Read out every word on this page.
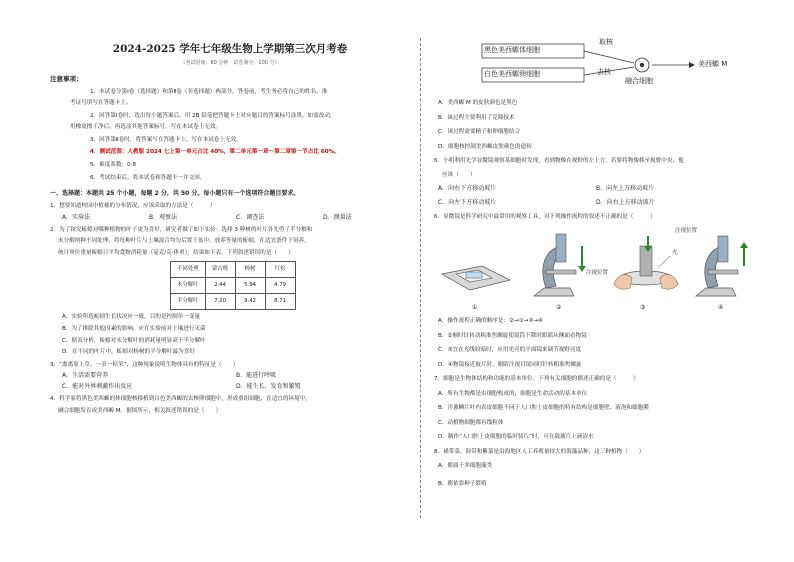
2024-2025 学年七年级生物上学期第三次月考卷
（考试时间：60 分钟　试卷满分：100 分）
注意事项：
1．本试卷分第Ⅰ卷（选择题）和第Ⅱ卷（非选择题）两部分。答卷前，考生务必将自己的姓名、准
考证号填写在答题卡上。
2．回答第Ⅰ卷时，选出每小题答案后，用 2B 铅笔把答题卡上对应题目的答案标号涂黑。如需改动，
用橡皮擦干净后，再选涂其他答案标号。写在本试卷上无效。
3．回答第Ⅱ卷时，将答案写在答题卡上。写在本试卷上无效。
4．测试范围：人教版 2024 七上第一单元占比 40%，第二单元第一章～第二章第一节占比 60%。
5．难度系数：0.8
6．考试结束后，将本试卷和答题卡一并交回。
一、选择题：本题共 25 个小题，每题 2 分，共 50 分。每小题只有一个选项符合题目要求。
1．想要知道校园中植被的分布情况，应该采取的方法是（　　　）
A．实验法	B．观察法	C．调查法	D．测量法
2．为了探究蚯蚓对哪种植物的叶子更为喜好，研究者做了如下实验：选择 3 种树的叶片各先剪了半分解和
未分解两种不同处理，将每种叶片与土壤混合均匀后置于盆中，放养等量的蚯蚓，在适宜条件下饲养，
统计单位重量蚯蚓日平均食物消耗量（毫克/克·体重），结果如下表。下列叙述错误的是（　　）
不同处理	蒙古栎	杨树	红松
未分解叶	2.44	5.94	4.79
半分解叶	7.20	9.42	8.71
A．实验所选蚯蚓生长状况应一致，目的是控制单一变量
B．为了排除其他因素的影响，应在实验前对土壤进行灭菌
C．据表分析，蚯蚓对未分解叶的消耗量明显高于半分解叶
D．在不同的叶片中，蚯蚓对杨树的半分解叶最为喜好
3．“离离原上草，一岁一枯荣”，这种现象说明生物体具有的特征是（　　）
A．生活需要营养	B．能进行呼吸
C．能对外界刺激作出反应	D．能生长、发育和繁殖
4．科学家将黑色美西螈的体细胞核移植到白色美西螈的去核卵细胞中，形成重组细胞，在适宜的环境中，
融合细胞发育成美西螈 M。据图所示，相关叙述错误的是（　　）
黑色美西螈体细胞
白色美西螈卵细胞
取核
去核
融合细胞
美西螈 M
A．美西螈 M 的皮肤颜色是黑色
B．该过程主要利用了克隆技术
C．该过程需要精子和卵细胞结合
D．细胞核控制美西螈皮肤颜色的遗传
5．小明利用光学显微镜观察某细胞时发现，看到物像在视野的左上方。若要将物像移至视野中央，他
应该（　　）
A．向右下方移动玻片	B．向左上方移动玻片
C．向左下方移动玻片	D．向右上方移动玻片
6．显微镜是科学研究中最常用的观察工具，对下列操作流程的叙述不正确的是（　　　）
注视位置
注视位置
光
①	②	③	④
A．操作流程正确的顺序是：②→①→③→④
B．②顺时针转动粗准焦螺旋使镜筒下降时眼睛从侧面看物镜
C．③宜在光线较暗时，应用光亮的平面镜来调节视野亮度
D．④物镜接近玻片时，眼睛注视目镜同时针转粗准焦螺旋
7．细胞是生物体结构和功能的基本单位。下列有关细胞的描述正确的是（　　　）
A．所有生物都是由细胞构成的，细胞是生命活动的基本单位
B．洋葱鳞片叶内表皮细胞不同于人口腔上皮细胞的特有结构是细胞壁、液泡和细胞膜
C．动植物细胞都有线粒体
D．制作“人口腔上皮细胞的临时装片”时，可在载玻片上滴清水
8．裙带菜、海带和紫菜是沿海地区人工养殖量较大的海藻品种，这三种植物（　　）
A．都属于多细胞藻类
B．都依靠种子繁殖
